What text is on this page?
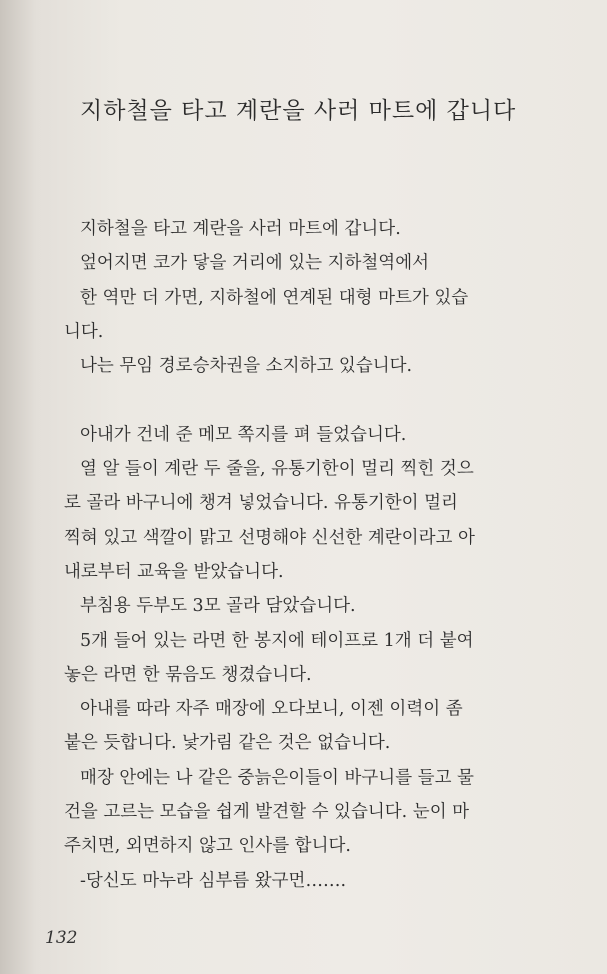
지하철을 타고 계란을 사러 마트에 갑니다
지하철을 타고 계란을 사러 마트에 갑니다.
엎어지면 코가 닿을 거리에 있는 지하철역에서
한 역만 더 가면, 지하철에 연계된 대형 마트가 있습
니다.
나는 무임 경로승차권을 소지하고 있습니다.
아내가 건네 준 메모 쪽지를 펴 들었습니다.
열 알 들이 계란 두 줄을, 유통기한이 멀리 찍힌 것으
로 골라 바구니에 챙겨 넣었습니다. 유통기한이 멀리
찍혀 있고 색깔이 맑고 선명해야 신선한 계란이라고 아
내로부터 교육을 받았습니다.
부침용 두부도 3모 골라 담았습니다.
5개 들어 있는 라면 한 봉지에 테이프로 1개 더 붙여
놓은 라면 한 묶음도 챙겼습니다.
아내를 따라 자주 매장에 오다보니, 이젠 이력이 좀
붙은 듯합니다. 낯가림 같은 것은 없습니다.
매장 안에는 나 같은 중늙은이들이 바구니를 들고 물
건을 고르는 모습을 쉽게 발견할 수 있습니다. 눈이 마
주치면, 외면하지 않고 인사를 합니다.
-당신도 마누라 심부름 왔구먼…….
132
